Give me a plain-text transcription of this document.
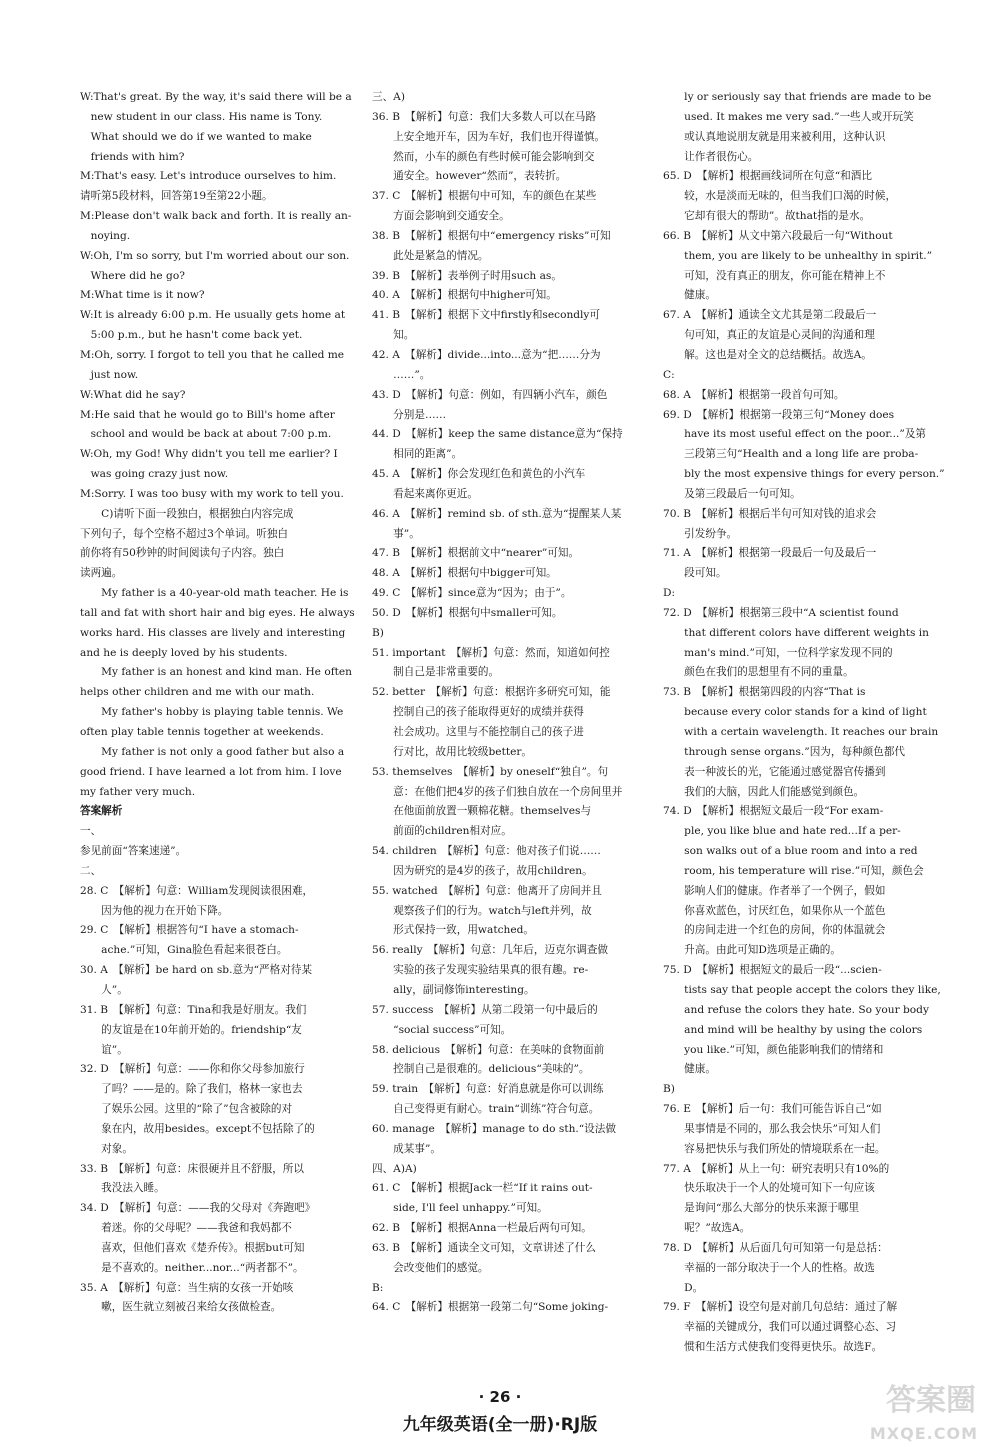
W:That's great. By the way, it's said there will be a
　new student in our class. His name is Tony.
　What should we do if we wanted to make
　friends with him?
M:That's easy. Let's introduce ourselves to him.
请听第5段材料，回答第19至第22小题。
M:Please don't walk back and forth. It is really an-
　noying.
W:Oh, I'm so sorry, but I'm worried about our son.
　Where did he go?
M:What time is it now?
W:It is already 6:00 p.m. He usually gets home at
　5:00 p.m., but he hasn't come back yet.
M:Oh, sorry. I forgot to tell you that he called me
　just now.
W:What did he say?
M:He said that he would go to Bill's home after
　school and would be back at about 7:00 p.m.
W:Oh, my God! Why didn't you tell me earlier? I
　was going crazy just now.
M:Sorry. I was too busy with my work to tell you.
　　C)请听下面一段独白，根据独白内容完成
下列句子，每个空格不超过3个单词。听独白
前你将有50秒钟的时间阅读句子内容。独白
读两遍。
　　My father is a 40-year-old math teacher. He is
tall and fat with short hair and big eyes. He always
works hard. His classes are lively and interesting
and he is deeply loved by his students.
　　My father is an honest and kind man. He often
helps other children and me with our math.
　　My father's hobby is playing table tennis. We
often play table tennis together at weekends.
　　My father is not only a good father but also a
good friend. I have learned a lot from him. I love
my father very much.
答案解析
一、
参见前面“答案速递”。
二、
28. C　【解析】句意：William发现阅读很困难，
　　因为他的视力在开始下降。
29. C　【解析】根据答句“I have a stomach-
　　ache.”可知，Gina脸色看起来很苍白。
30. A　【解析】be hard on sb.意为“严格对待某
　　人”。
31. B　【解析】句意：Tina和我是好朋友。我们
　　的友谊是在10年前开始的。friendship“友
　　谊”。
32. D　【解析】句意：——你和你父母参加旅行
　　了吗？——是的。除了我们，格林一家也去
　　了娱乐公园。这里的“除了”包含被除的对
　　象在内，故用besides。except不包括除了的
　　对象。
33. B　【解析】句意：床很硬并且不舒服，所以
　　我没法入睡。
34. D　【解析】句意：——我的父母对《奔跑吧》
　　着迷。你的父母呢？——我爸和我妈都不
　　喜欢，但他们喜欢《楚乔传》。根据but可知
　　是不喜欢的。neither...nor...“两者都不”。
35. A　【解析】句意：当生病的女孩一开始咳
　　嗽，医生就立刻被召来给女孩做检查。
三、A)
36. B　【解析】句意：我们大多数人可以在马路
　　上安全地开车，因为车好，我们也开得谨慎。
　　然而，小车的颜色有些时候可能会影响到交
　　通安全。however“然而”，表转折。
37. C　【解析】根据句中可知，车的颜色在某些
　　方面会影响到交通安全。
38. B　【解析】根据句中“emergency risks”可知
　　此处是紧急的情况。
39. B　【解析】表举例子时用such as。
40. A　【解析】根据句中higher可知。
41. B　【解析】根据下文中firstly和secondly可
　　知。
42. A　【解析】divide...into...意为“把……分为
　　……”。
43. D　【解析】句意：例如，有四辆小汽车，颜色
　　分别是……
44. D　【解析】keep the same distance意为“保持
　　相同的距离”。
45. A　【解析】你会发现红色和黄色的小汽车
　　看起来离你更近。
46. A　【解析】remind sb. of sth.意为“提醒某人某
　　事”。
47. B　【解析】根据前文中“nearer”可知。
48. A　【解析】根据句中bigger可知。
49. C　【解析】since意为“因为；由于”。
50. D　【解析】根据句中smaller可知。
B)
51. important　【解析】句意：然而，知道如何控
　　制自己是非常重要的。
52. better　【解析】句意：根据许多研究可知，能
　　控制自己的孩子能取得更好的成绩并获得
　　社会成功。这里与不能控制自己的孩子进
　　行对比，故用比较级better。
53. themselves　【解析】by oneself“独自”。句
　　意：在他们把4岁的孩子们独自放在一个房间里并
　　在他面前放置一颗棉花糖。themselves与
　　前面的children相对应。
54. children　【解析】句意：他对孩子们说……
　　因为研究的是4岁的孩子，故用children。
55. watched　【解析】句意：他离开了房间并且
　　观察孩子们的行为。watch与left并列，故
　　形式保持一致，用watched。
56. really　【解析】句意：几年后，迈克尔调查做
　　实验的孩子发现实验结果真的很有趣。re-
　　ally，副词修饰interesting。
57. success　【解析】从第二段第一句中最后的
　　“social success”可知。
58. delicious　【解析】句意：在美味的食物面前
　　控制自己是很难的。delicious“美味的”。
59. train　【解析】句意：好消息就是你可以训练
　　自己变得更有耐心。train“训练”符合句意。
60. manage　【解析】manage to do sth.“设法做
　　成某事”。
四、A)A)
61. C　【解析】根据Jack一栏“If it rains out-
　　side, I'll feel unhappy.”可知。
62. B　【解析】根据Anna一栏最后两句可知。
63. B　【解析】通读全文可知，文章讲述了什么
　　会改变他们的感觉。
B:
64. C　【解析】根据第一段第二句“Some joking-
　　ly or seriously say that friends are made to be
　　used. It makes me very sad.”一些人或开玩笑
　　或认真地说朋友就是用来被利用，这种认识
　　让作者很伤心。
65. D　【解析】根据画线词所在句意“和酒比
　　较，水是淡而无味的，但当我们口渴的时候，
　　它却有很大的帮助”。故that指的是水。
66. B　【解析】从文中第六段最后一句“Without
　　them, you are likely to be unhealthy in spirit.”
　　可知，没有真正的朋友，你可能在精神上不
　　健康。
67. A　【解析】通读全文尤其是第二段最后一
　　句可知，真正的友谊是心灵间的沟通和理
　　解。这也是对全文的总结概括。故选A。
C:
68. A　【解析】根据第一段首句可知。
69. D　【解析】根据第一段第三句“Money does
　　have its most useful effect on the poor...”及第
　　三段第三句“Health and a long life are proba-
　　bly the most expensive things for every person.”
　　及第三段最后一句可知。
70. B　【解析】根据后半句可知对钱的追求会
　　引发纷争。
71. A　【解析】根据第一段最后一句及最后一
　　段可知。
D:
72. D　【解析】根据第三段中“A scientist found
　　that different colors have different weights in
　　man's mind.”可知，一位科学家发现不同的
　　颜色在我们的思想里有不同的重量。
73. B　【解析】根据第四段的内容“That is
　　because every color stands for a kind of light
　　with a certain wavelength. It reaches our brain
　　through sense organs.”因为，每种颜色都代
　　表一种波长的光，它能通过感觉器官传播到
　　我们的大脑，因此人们能感觉到颜色。
74. D　【解析】根据短文最后一段“For exam-
　　ple, you like blue and hate red...If a per-
　　son walks out of a blue room and into a red
　　room, his temperature will rise.”可知，颜色会
　　影响人们的健康。作者举了一个例子，假如
　　你喜欢蓝色，讨厌红色，如果你从一个蓝色
　　的房间走进一个红色的房间，你的体温就会
　　升高。由此可知D选项是正确的。
75. D　【解析】根据短文的最后一段“...scien-
　　tists say that people accept the colors they like,
　　and refuse the colors they hate. So your body
　　and mind will be healthy by using the colors
　　you like.”可知，颜色能影响我们的情绪和
　　健康。
B)
76. E　【解析】后一句：我们可能告诉自己“如
　　果事情是不同的，那么我会快乐”可知人们
　　容易把快乐与我们所处的情境联系在一起。
77. A　【解析】从上一句：研究表明只有10%的
　　快乐取决于一个人的处境可知下一句应该
　　是询问“那么大部分的快乐来源于哪里
　　呢？”故选A。
78. D　【解析】从后面几句可知第一句是总括：
　　幸福的一部分取决于一个人的性格。故选
　　D。
79. F　【解析】设空句是对前几句总结：通过了解
　　幸福的关键成分，我们可以通过调整心态、习
　　惯和生活方式使我们变得更快乐。故选F。
· 26 ·
九年级英语(全一册)·RJ版
答案圈
MXQE.COM
